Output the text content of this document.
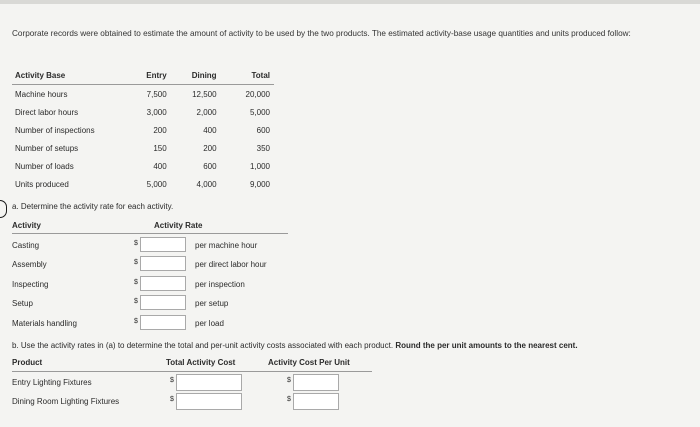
Corporate records were obtained to estimate the amount of activity to be used by the two products. The estimated activity-base usage quantities and units produced follow:
Activity Base	Entry	Dining	Total
Machine hours	7,500	12,500	20,000
Direct labor hours	3,000	2,000	5,000
Number of inspections	200	400	600
Number of setups	150	200	350
Number of loads	400	600	1,000
Units produced	5,000	4,000	9,000
a. Determine the activity rate for each activity.
Activity	Activity Rate
Casting	$	per machine hour
Assembly	$	per direct labor hour
Inspecting	$	per inspection
Setup	$	per setup
Materials handling	$	per load
b. Use the activity rates in (a) to determine the total and per-unit activity costs associated with each product. Round the per unit amounts to the nearest cent.
Product	Total Activity Cost	Activity Cost Per Unit
Entry Lighting Fixtures	$	$
Dining Room Lighting Fixtures	$	$
